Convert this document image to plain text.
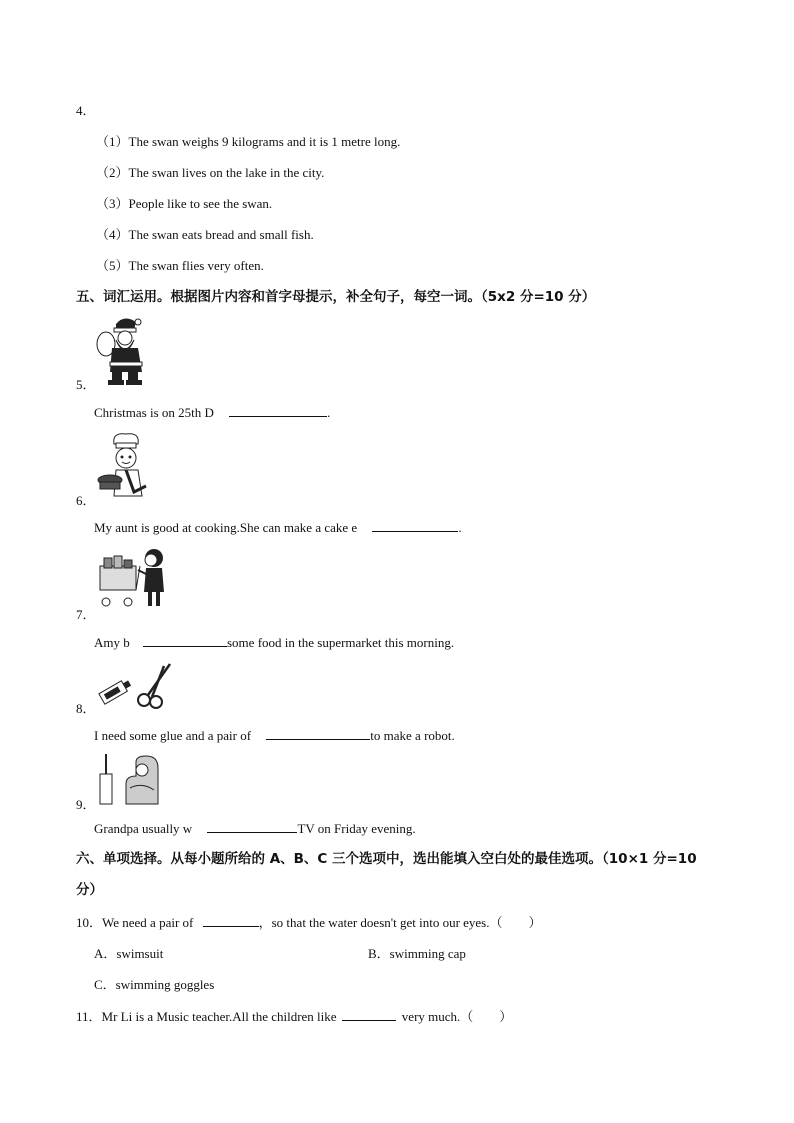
4．
（1）The swan weighs 9 kilograms and it is 1 metre long.
（2）The swan lives on the lake in the city.
（3）People like to see the swan.
（4）The swan eats bread and small fish.
（5）The swan flies very often.
五、词汇运用。根据图片内容和首字母提示，补全句子，每空一词。（5x2 分=10 分）
5．
Christmas is on 25th D	.
6．
My aunt is good at cooking.She can make a cake e	.
7．
Amy b	some food in the supermarket this morning.
8．
I need some glue and a pair of	to make a robot.
9．
Grandpa usually w	TV on Friday evening.
六、单项选择。从每小题所给的 A、B、C 三个选项中，选出能填入空白处的最佳选项。（10×1 分=10
分）
10．We need a pair of	，so that the water doesn't get into our eyes.（　　）
A．swimsuit	B．swimming cap
C．swimming goggles
11．Mr Li is a Music teacher.All the children like	very much.（　　）
